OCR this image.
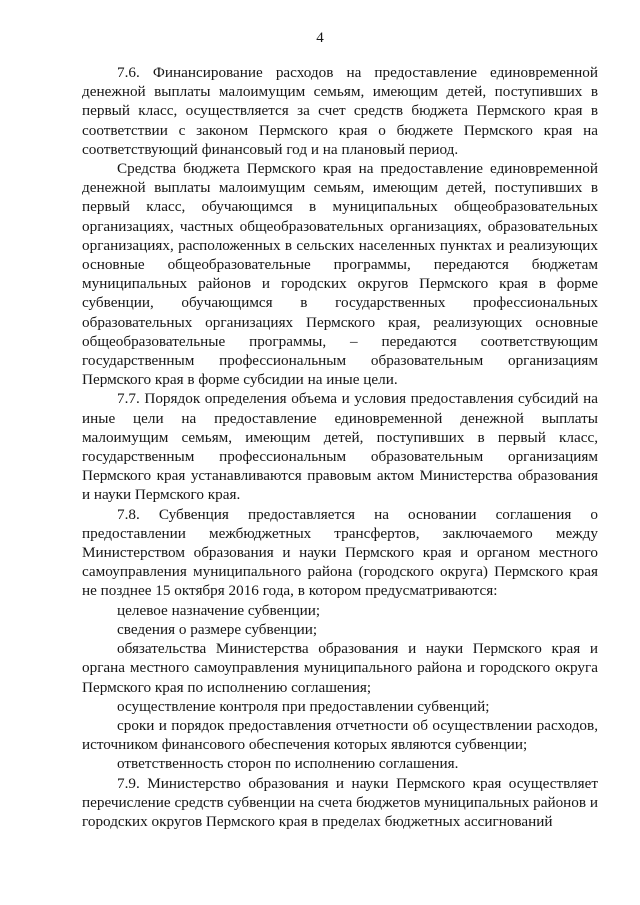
4

7.6. Финансирование расходов на предоставление единовременной денежной выплаты малоимущим семьям, имеющим детей, поступивших в первый класс, осуществляется за счет средств бюджета Пермского края в соответствии с законом Пермского края о бюджете Пермского края на соответствующий финансовый год и на плановый период.

Средства бюджета Пермского края на предоставление единовременной денежной выплаты малоимущим семьям, имеющим детей, поступивших в первый класс, обучающимся в муниципальных общеобразовательных организациях, частных общеобразовательных организациях, образовательных организациях, расположенных в сельских населенных пунктах и реализующих основные общеобразовательные программы, передаются бюджетам муниципальных районов и городских округов Пермского края в форме субвенции, обучающимся в государственных профессиональных образовательных организациях Пермского края, реализующих основные общеобразовательные программы, – передаются соответствующим государственным профессиональным образовательным организациям Пермского края в форме субсидии на иные цели.

7.7. Порядок определения объема и условия предоставления субсидий на иные цели на предоставление единовременной денежной выплаты малоимущим семьям, имеющим детей, поступивших в первый класс, государственным профессиональным образовательным организациям Пермского края устанавливаются правовым актом Министерства образования и науки Пермского края.

7.8. Субвенция предоставляется на основании соглашения о предоставлении межбюджетных трансфертов, заключаемого между Министерством образования и науки Пермского края и органом местного самоуправления муниципального района (городского округа) Пермского края не позднее 15 октября 2016 года, в котором предусматриваются:

целевое назначение субвенции;

сведения о размере субвенции;

обязательства Министерства образования и науки Пермского края и органа местного самоуправления муниципального района и городского округа Пермского края по исполнению соглашения;

осуществление контроля при предоставлении субвенций;

сроки и порядок предоставления отчетности об осуществлении расходов, источником финансового обеспечения которых являются субвенции;

ответственность сторон по исполнению соглашения.

7.9. Министерство образования и науки Пермского края осуществляет перечисление средств субвенции на счета бюджетов муниципальных районов и городских округов Пермского края в пределах бюджетных ассигнований
